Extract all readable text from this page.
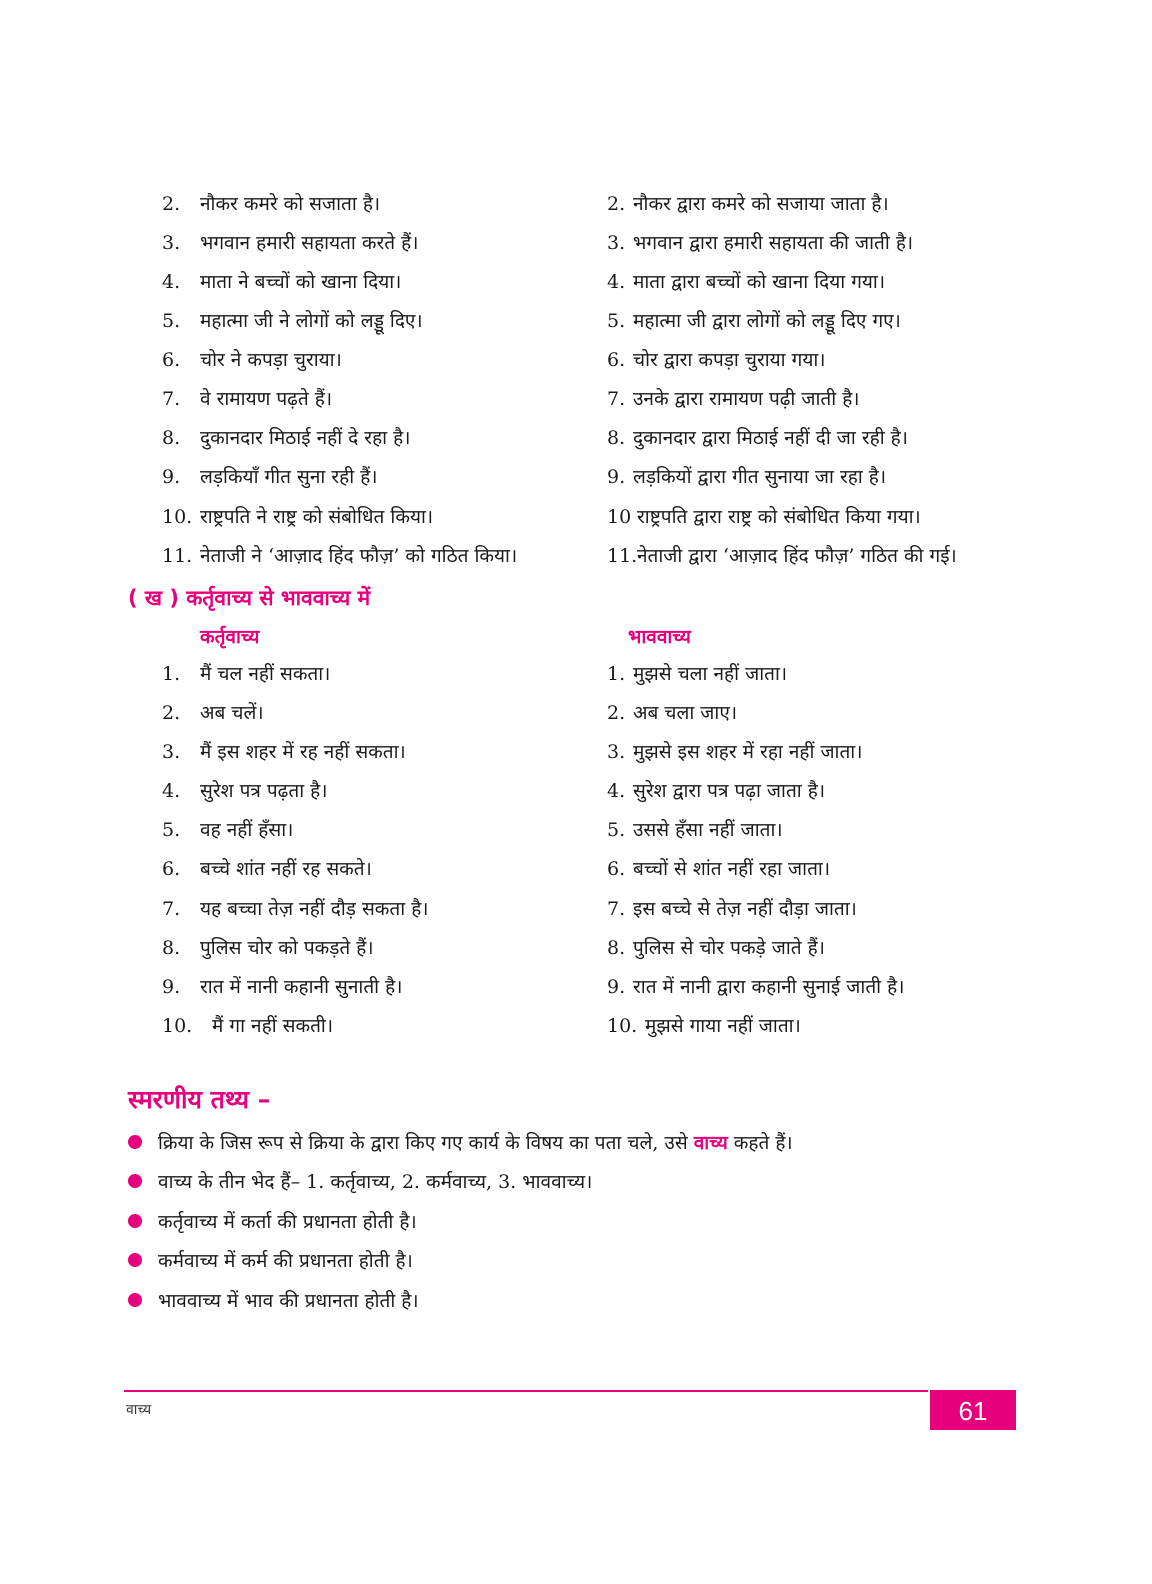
2. नौकर कमरे को सजाता है।
3. भगवान हमारी सहायता करते हैं।
4. माता ने बच्चों को खाना दिया।
5. महात्मा जी ने लोगों को लड्डू दिए।
6. चोर ने कपड़ा चुराया।
7. वे रामायण पढ़ते हैं।
8. दुकानदार मिठाई नहीं दे रहा है।
9. लड़कियाँ गीत सुना रही हैं।
10. राष्ट्रपति ने राष्ट्र को संबोधित किया।
11. नेताजी ने ‘आज़ाद हिंद फौज़’ को गठित किया।
2. नौकर द्वारा कमरे को सजाया जाता है।
3. भगवान द्वारा हमारी सहायता की जाती है।
4. माता द्वारा बच्चों को खाना दिया गया।
5. महात्मा जी द्वारा लोगों को लड्डू दिए गए।
6. चोर द्वारा कपड़ा चुराया गया।
7. उनके द्वारा रामायण पढ़ी जाती है।
8. दुकानदार द्वारा मिठाई नहीं दी जा रही है।
9. लड़कियों द्वारा गीत सुनाया जा रहा है।
10 राष्ट्रपति द्वारा राष्ट्र को संबोधित किया गया।
11.नेताजी द्वारा ‘आज़ाद हिंद फौज़’ गठित की गई।
( ख ) कर्तृवाच्य से भाववाच्य में
कर्तृवाच्य	भाववाच्य
1. मैं चल नहीं सकता।
2. अब चलें।
3. मैं इस शहर में रह नहीं सकता।
4. सुरेश पत्र पढ़ता है।
5. वह नहीं हँसा।
6. बच्चे शांत नहीं रह सकते।
7. यह बच्चा तेज़ नहीं दौड़ सकता है।
8. पुलिस चोर को पकड़ते हैं।
9. रात में नानी कहानी सुनाती है।
10. मैं गा नहीं सकती।
1. मुझसे चला नहीं जाता।
2. अब चला जाए।
3. मुझसे इस शहर में रहा नहीं जाता।
4. सुरेश द्वारा पत्र पढ़ा जाता है।
5. उससे हँसा नहीं जाता।
6. बच्चों से शांत नहीं रहा जाता।
7. इस बच्चे से तेज़ नहीं दौड़ा जाता।
8. पुलिस से चोर पकड़े जाते हैं।
9. रात में नानी द्वारा कहानी सुनाई जाती है।
10. मुझसे गाया नहीं जाता।
स्मरणीय तथ्य –
क्रिया के जिस रूप से क्रिया के द्वारा किए गए कार्य के विषय का पता चले, उसे वाच्य कहते हैं।
वाच्य के तीन भेद हैं– 1. कर्तृवाच्य, 2. कर्मवाच्य, 3. भाववाच्य।
कर्तृवाच्य में कर्ता की प्रधानता होती है।
कर्मवाच्य में कर्म की प्रधानता होती है।
भाववाच्य में भाव की प्रधानता होती है।
वाच्य	61
